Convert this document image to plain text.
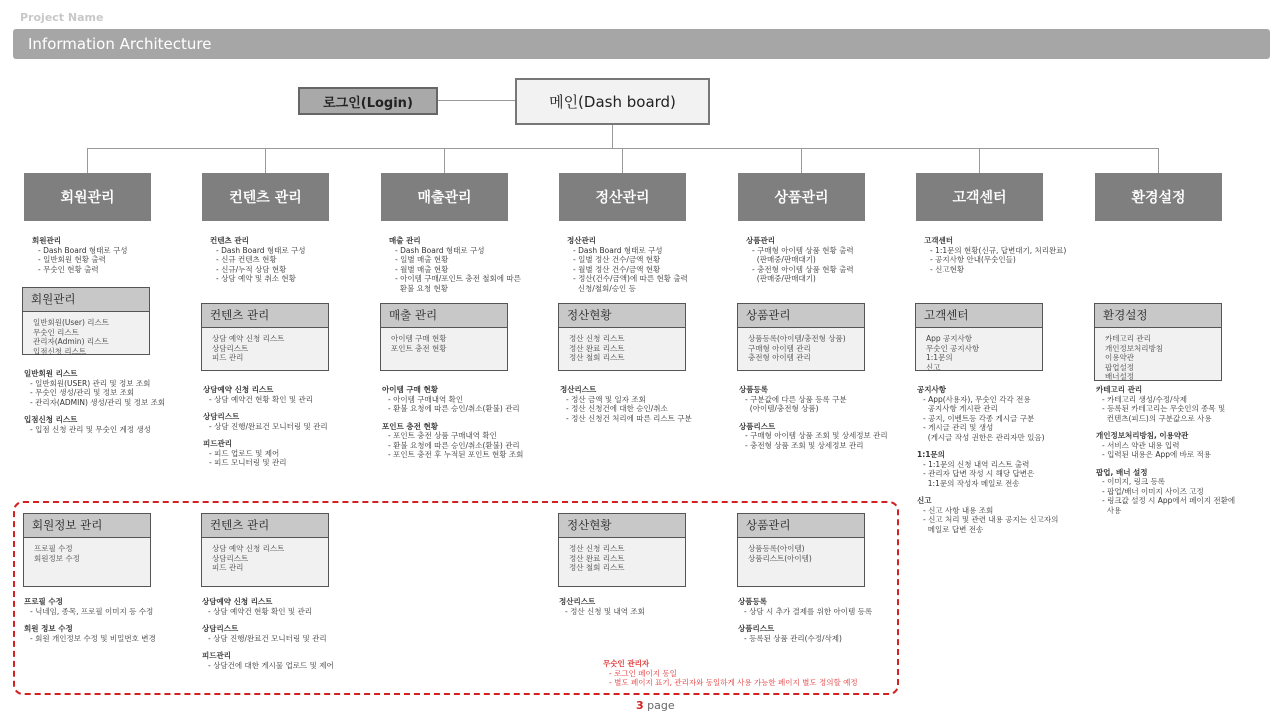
Project Name
Information Architecture
로그인(Login)	메인(Dash board)
회원관리	컨텐츠 관리	매출관리	정산관리	상품관리	고객센터	환경설정
회원관리
- Dash Board 형태로 구성
- 일반회원 현황 출력
- 무숫인 현황 출력
컨텐츠 관리
- Dash Board 형태로 구성
- 신규 컨텐츠 현황
- 신규/누적 상담 현황
- 상담 예약 및 취소 현황
매출 관리
- Dash Board 형태로 구성
- 일별 매출 현황
- 월별 매출 현황
- 아이템 구매/포인트 충전 철회에 따른
환불 요청 현황
정산관리
- Dash Board 형태로 구성
- 일별 정산 건수/금액 현황
- 월별 정산 건수/금액 현황
- 정산(건수/금액)에 따른 현황 출력
신청/철회/승인 등
상품관리
- 구매형 아이템 상품 현황 출력
(판매중/판매대기)
- 충전형 아이템 상품 현황 출력
(판매중/판매대기)
고객센터
- 1:1문의 현황(신규, 답변대기, 처리완료)
- 공지사항 안내(무숫인들)
- 신고현황
회원관리
일반회원(User) 리스트
무숫인 리스트
관리자(Admin) 리스트
입점신청 리스트
컨텐츠 관리
상담 예약 신청 리스트
상담리스트
피드 관리
매출 관리
아이템 구매 현황
포인트 충전 현황
정산현황
정산 신청 리스트
정산 완료 리스트
정산 철회 리스트
상품관리
상품등록(아이템/충전형 상품)
구매형 아이템 관리
충전형 아이템 관리
고객센터
App 공지사항
무숫인 공지사항
1:1문의
신고
환경설정
카테고리 관리
개인정보처리방침
이용약관
팝업설정
배너설정
일반회원 리스트
- 일반회원(USER) 관리 및 정보 조회
- 무숫인 생성/관리 및 정보 조회
- 관리자(ADMIN) 생성/관리 및 정보 조회
입점신청 리스트
- 입점 신청 관리 및 무숫인 계정 생성
상담예약 신청 리스트
- 상담 예약건 현황 확인 및 관리
상담리스트
- 상담 진행/완료건 모니터링 및 관리
피드관리
- 피드 업로드 및 제어
- 피드 모니터링 및 관리
아이템 구매 현황
- 아이템 구매내역 확인
- 환불 요청에 따른 승인/취소(환불) 관리
포인트 충전 현황
- 포인트 충전 상품 구매내역 확인
- 환불 요청에 따른 승인/취소(환불) 관리
- 포인트 충전 후 누적된 포인트 현황 조회
정산리스트
- 정산 금액 및 일자 조회
- 정산 신청건에 대한 승인/취소
- 정산 신청건 처리에 따른 리스트 구분
상품등록
- 구분값에 다른 상품 등록 구분
(아이템/충전형 상품)
상품리스트
- 구매형 아이템 상품 조회 및 상세정보 관리
- 충전형 상품 조회 및 상세정보 관리
공지사항
- App(사용자), 무숫인 각각 전용
공지사항 게시판 관리
- 공지, 이벤트등 각종 게시글 구분
- 게시글 관리 및 생성
(게시글 작성 권한은 관리자만 있음)
1:1문의
- 1:1문의 신청 내역 리스트 출력
- 관리자 답변 작성 시 해당 답변은
1:1문의 작성자 메일로 전송
신고
- 신고 사항 내용 조회
- 신고 처리 및 관련 내용 공지는 신고자의
메일로 답변 전송
카테고리 관리
- 카테고리 생성/수정/삭제
- 등록된 카테고리는 무숫인의 종목 및
컨텐츠(피드)의 구분값으로 사용
개인정보처리방침, 이용약관
- 서비스 약관 내용 입력
- 입력된 내용은 App에 바로 적용
팝업, 배너 설정
- 이미지, 링크 등록
- 팝업/배너 이미지 사이즈 고정
- 링크값 설정 시 App에서 페이지 전환에
사용
회원정보 관리
프로필 수정
회원정보 수정
컨텐츠 관리
상담 예약 신청 리스트
상담리스트
피드 관리
정산현황
정산 신청 리스트
정산 완료 리스트
정산 철회 리스트
상품관리
상품등록(아이템)
상품리스트(아이템)
프로필 수정
- 닉네임, 종목, 프로필 이미지 등 수정
회원 정보 수정
- 회원 개인정보 수정 및 비밀번호 변경
상담예약 신청 리스트
- 상담 예약건 현황 확인 및 관리
상담리스트
- 상담 진행/완료건 모니터링 및 관리
피드관리
- 상담건에 대한 게시물 업로드 및 제어
정산리스트
- 정산 신청 및 내역 조회
상품등록
- 상담 시 추가 결제를 위한 아이템 등록
상품리스트
- 등록된 상품 관리(수정/삭제)
무숫인 관리자
- 로그인 페이지 동일
- 별도 페이지 표기, 관리자와 동일하게 사용 가능한 페이지 별도 정의할 예정
3 page
